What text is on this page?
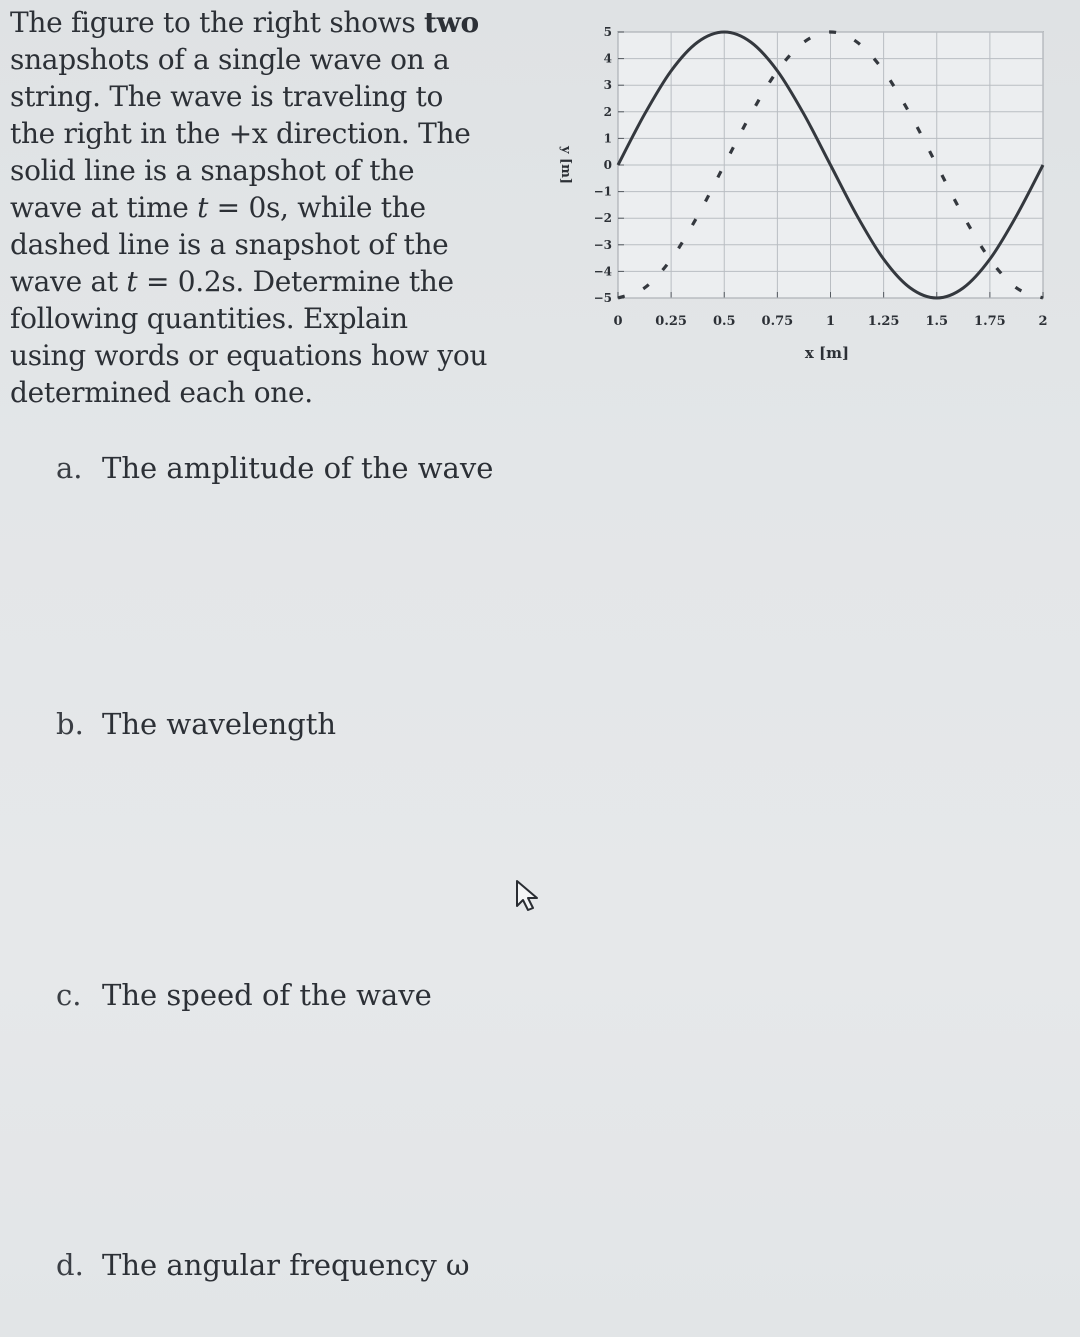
The figure to the right shows two snapshots of a single wave on a string. The wave is traveling to the right in the +x direction. The solid line is a snapshot of the wave at time t = 0s, while the dashed line is a snapshot of the wave at t = 0.2s. Determine the following quantities. Explain using words or equations how you determined each one.

5
4
3
2
1
0
−1
−2
−3
−4
−5
0	0.25 0.5 0.75	1	1.25 1.5 1.75	2
y [m]
x [m]
a. The amplitude of the wave
b. The wavelength
c. The speed of the wave
d. The angular frequency ω
